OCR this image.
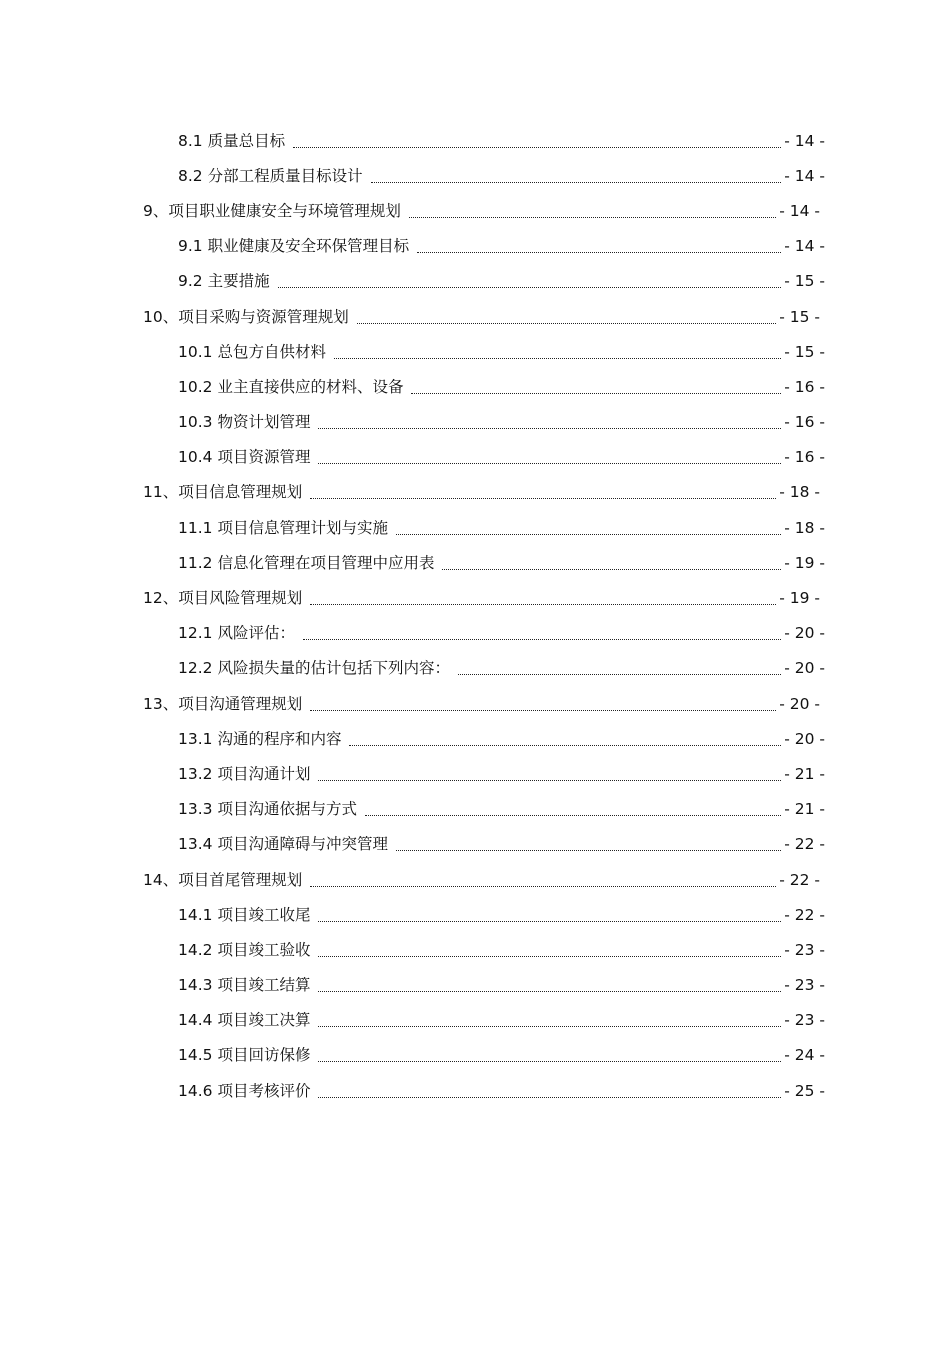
8.1 质量总目标	- 14 -
8.2 分部工程质量目标设计	- 14 -
9、项目职业健康安全与环境管理规划	- 14 -
9.1 职业健康及安全环保管理目标	- 14 -
9.2 主要措施	- 15 -
10、项目采购与资源管理规划	- 15 -
10.1 总包方自供材料	- 15 -
10.2 业主直接供应的材料、设备	- 16 -
10.3 物资计划管理	- 16 -
10.4 项目资源管理	- 16 -
11、项目信息管理规划	- 18 -
11.1 项目信息管理计划与实施	- 18 -
11.2 信息化管理在项目管理中应用表	- 19 -
12、项目风险管理规划	- 19 -
12.1 风险评估：	- 20 -
12.2 风险损失量的估计包括下列内容：	- 20 -
13、项目沟通管理规划	- 20 -
13.1 沟通的程序和内容	- 20 -
13.2 项目沟通计划	- 21 -
13.3 项目沟通依据与方式	- 21 -
13.4 项目沟通障碍与冲突管理	- 22 -
14、项目首尾管理规划	- 22 -
14.1 项目竣工收尾	- 22 -
14.2 项目竣工验收	- 23 -
14.3 项目竣工结算	- 23 -
14.4 项目竣工决算	- 23 -
14.5 项目回访保修	- 24 -
14.6 项目考核评价	- 25 -
